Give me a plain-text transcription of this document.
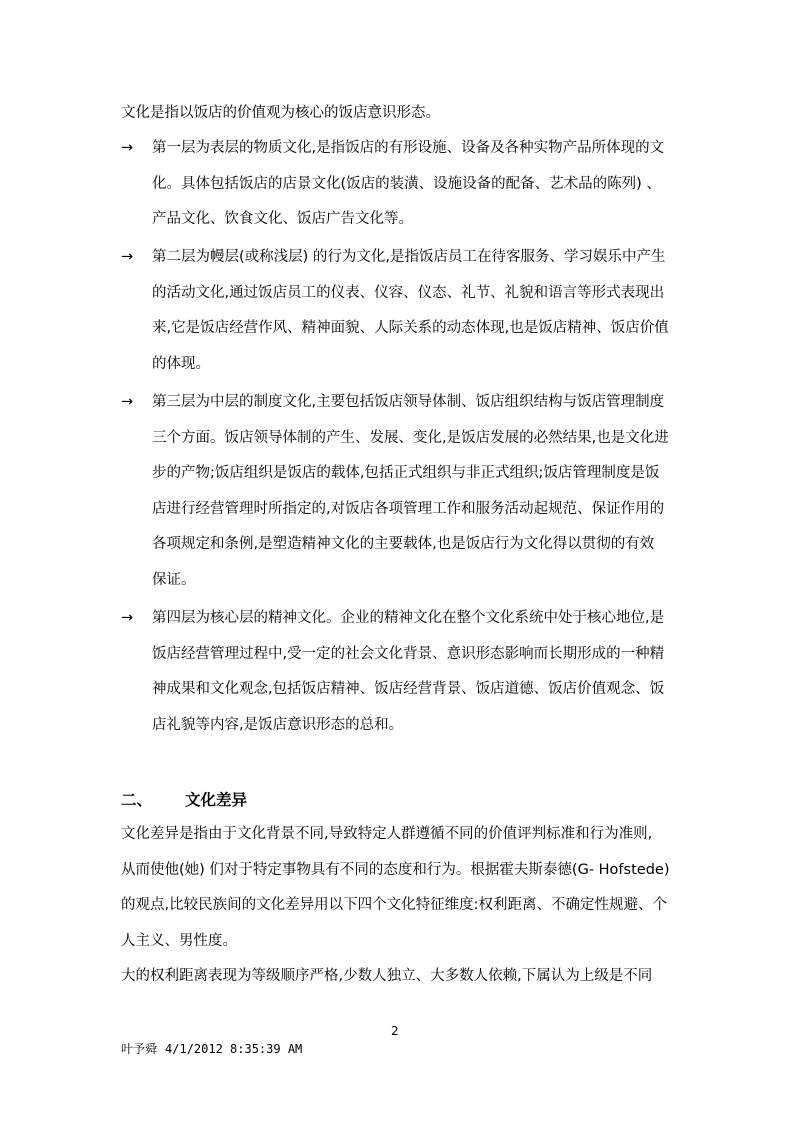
文化是指以饭店的价值观为核心的饭店意识形态。

→	第一层为表层的物质文化,是指饭店的有形设施、设备及各种实物产品所体现的文
化。具体包括饭店的店景文化(饭店的装潢、设施设备的配备、艺术品的陈列) 、
产品文化、饮食文化、饭店广告文化等。
→	第二层为幔层(或称浅层) 的行为文化,是指饭店员工在待客服务、学习娱乐中产生
的活动文化,通过饭店员工的仪表、仪容、仪态、礼节、礼貌和语言等形式表现出
来,它是饭店经营作风、精神面貌、人际关系的动态体现,也是饭店精神、饭店价值
的体现。
→	第三层为中层的制度文化,主要包括饭店领导体制、饭店组织结构与饭店管理制度
三个方面。饭店领导体制的产生、发展、变化,是饭店发展的必然结果,也是文化进
步的产物;饭店组织是饭店的载体,包括正式组织与非正式组织;饭店管理制度是饭
店进行经营管理时所指定的,对饭店各项管理工作和服务活动起规范、保证作用的
各项规定和条例,是塑造精神文化的主要载体,也是饭店行为文化得以贯彻的有效
保证。
→	第四层为核心层的精神文化。企业的精神文化在整个文化系统中处于核心地位,是
饭店经营管理过程中,受一定的社会文化背景、意识形态影响而长期形成的一种精
神成果和文化观念,包括饭店精神、饭店经营背景、饭店道德、饭店价值观念、饭
店礼貌等内容,是饭店意识形态的总和。
二、 文化差异
文化差异是指由于文化背景不同,导致特定人群遵循不同的价值评判标准和行为准则,
从而使他(她) 们对于特定事物具有不同的态度和行为。根据霍夫斯泰德(G- Hofstede)
的观点,比较民族间的文化差异用以下四个文化特征维度:权利距离、不确定性规避、个
人主义、男性度。
大的权利距离表现为等级顺序严格,少数人独立、大多数人依赖,下属认为上级是不同
2
叶予舜 4/1/2012 8:35:39 AM
